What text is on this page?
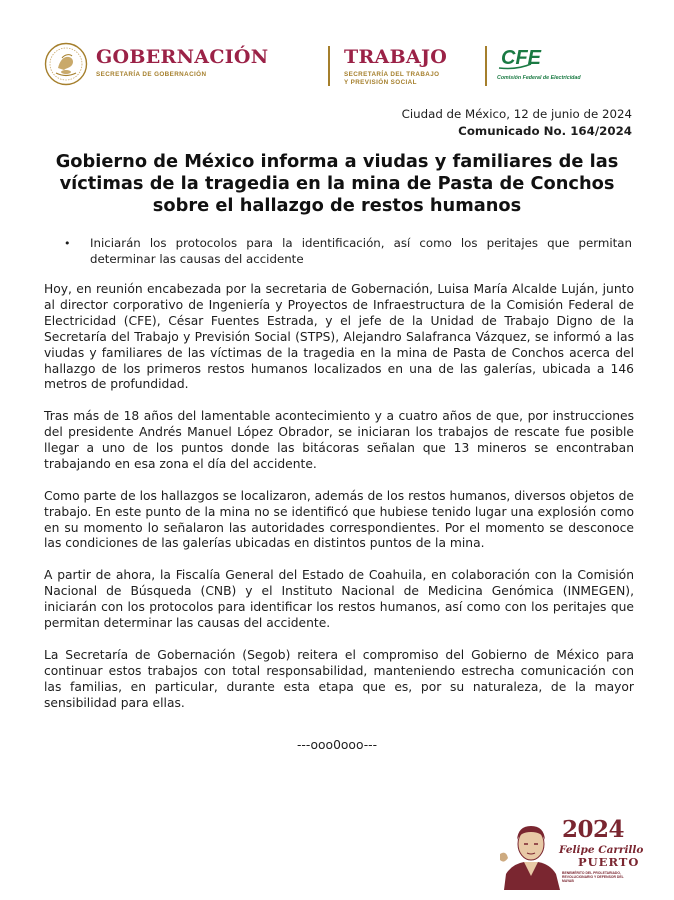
GOBERNACIÓN
SECRETARÍA DE GOBERNACIÓN
TRABAJO
SECRETARÍA DEL TRABAJO
Y PREVISIÓN SOCIAL
CFE
Comisión Federal de Electricidad
Ciudad de México, 12 de junio de 2024
Comunicado No. 164/2024
Gobierno de México informa a viudas y familiares de las víctimas de la tragedia en la mina de Pasta de Conchos sobre el hallazgo de restos humanos
•	Iniciarán los protocolos para la identificación, así como los peritajes que permitan determinar las causas del accidente

Hoy, en reunión encabezada por la secretaria de Gobernación, Luisa María Alcalde Luján, junto al director corporativo de Ingeniería y Proyectos de Infraestructura de la Comisión Federal de Electricidad (CFE), César Fuentes Estrada, y el jefe de la Unidad de Trabajo Digno de la Secretaría del Trabajo y Previsión Social (STPS), Alejandro Salafranca Vázquez, se informó a las viudas y familiares de las víctimas de la tragedia en la mina de Pasta de Conchos acerca del hallazgo de los primeros restos humanos localizados en una de las galerías, ubicada a 146 metros de profundidad.

Tras más de 18 años del lamentable acontecimiento y a cuatro años de que, por instrucciones del presidente Andrés Manuel López Obrador, se iniciaran los trabajos de rescate fue posible llegar a uno de los puntos donde las bitácoras señalan que 13 mineros se encontraban trabajando en esa zona el día del accidente.

Como parte de los hallazgos se localizaron, además de los restos humanos, diversos objetos de trabajo. En este punto de la mina no se identificó que hubiese tenido lugar una explosión como en su momento lo señalaron las autoridades correspondientes. Por el momento se desconoce las condiciones de las galerías ubicadas en distintos puntos de la mina.

A partir de ahora, la Fiscalía General del Estado de Coahuila, en colaboración con la Comisión Nacional de Búsqueda (CNB) y el Instituto Nacional de Medicina Genómica (INMEGEN), iniciarán con los protocolos para identificar los restos humanos, así como con los peritajes que permitan determinar las causas del accidente.

La Secretaría de Gobernación (Segob) reitera el compromiso del Gobierno de México para continuar estos trabajos con total responsabilidad, manteniendo estrecha comunicación con las familias, en particular, durante esta etapa que es, por su naturaleza, de la mayor sensibilidad para ellas.

---ooo0ooo---
2024
Felipe Carrillo
PUERTO
BENEMÉRITO DEL PROLETARIADO, REVOLUCIONARIO Y DEFENSOR DEL MAYAB
